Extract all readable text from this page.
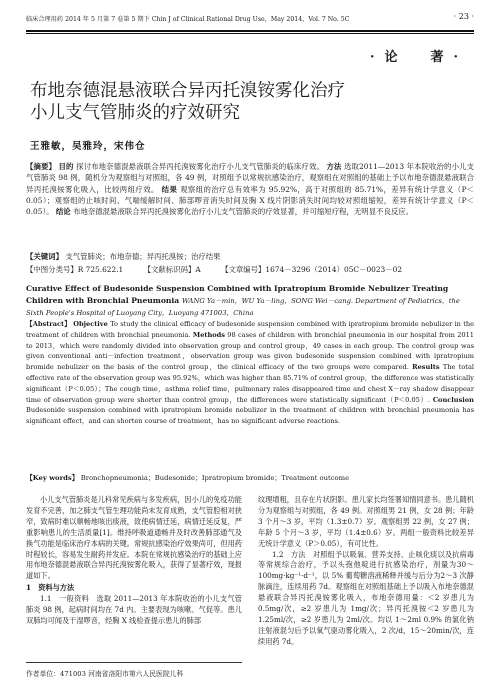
临床合理用药 2014 年 5 月第 7 卷第 5 期下 Chin J of Clinical Rational Drug Use，May 2014，Vol. 7 No. 5C	· 23 ·
·论　著·
布地奈德混悬液联合异丙托溴铵雾化治疗
小儿支气管肺炎的疗效研究
王雅敏，吴雅玲，宋伟仓
【摘要】 目的 探讨布地奈德混悬液联合异丙托溴铵雾化治疗小儿支气管肺炎的临床疗效。 方法 选取2011—2013 年本院收治的小儿支气管肺炎 98 例，随机分为观察组与对照组，各 49 例，对照组予以常规抗感染治疗，观察组在对照组的基础上予以布地奈德混悬液联合异丙托溴铵雾化吸入，比较两组疗效。 结果 观察组的治疗总有效率为 95.92%，高于对照组的 85.71%，差异有统计学意义（P＜0.05）；观察组的止咳时间、气喘缓解时间、肺部啰音消失时间及胸 X 线片阴影消失时间均较对照组缩短，差异有统计学意义（P＜0.05）。 结论 布地奈德混悬液联合异丙托溴铵雾化治疗小儿支气管肺炎的疗效显著，并可缩短疗程，无明显不良反应。
【关键词】 支气管肺炎；布地奈德；异丙托溴铵；治疗结果
【中图分类号】R 725.622.1	【文献标识码】A	【文章编号】1674－3296（2014）05C－0023－02
Curative Effect of Budesonide Suspension Combined with Ipratropium Bromide Nebulizer Treating Children with Bronchial Pneumonia WANG Ya－min，WU Ya－ling，SONG Wei－cang. Department of Pediatrics，the Sixth People's Hospital of Luoyang City，Luoyang 471003，China
【Abstract】 Objective To study the clinical efficacy of budesonide suspension combined with ipratropium bromide nebulizer in the treatment of children with bronchial pneumonia. Methods 98 cases of children with bronchial pneumonia in our hospital from 2011 to 2013，which were randomly divided into observation group and control group，49 cases in each group. The control group was given conventional anti－infection treatment，observation group was given budesonide suspension combined with ipratropium bromide nebulizer on the basis of the control group，the clinical efficacy of the two groups were compared. Results The total effective rate of the observation group was 95.92%，which was higher than 85.71% of control group，the difference was statistically significant（P＜0.05）；The cough time，asthma relief time，pulmonary rales disappeared time and chest X－ray shadow disappear time of observation group were shorter than control group，the differences were statistically significant（P＜0.05）. Conclusion Budesonide suspension combined with ipratropium bromide nebulizer in the treatment of children with bronchial pneumonia has significant effect，and can shorten course of treatment，has no significant adverse reactions.
【Key words】 Bronchopneumonia；Budesonide；Ipratropium bromide；Treatment outcome

小儿支气管肺炎是儿科常见疾病与多发疾病，因小儿的免疫功能发育不完善，加之肺支气管生理功能尚未发育成熟，支气管腔相对狭窄，致病时难以顺畅地咳出痰液，致使病情迁延，病情迁延反复，严重影响患儿的生活质量[1]。维持呼吸道通畅并及时改善肺部通气及换气功能是临床治疗本病的关键。常规抗感染治疗效果尚可，但用药时程较长，容易发生耐药并发症。本院在常规抗感染治疗的基础上应用布地奈德混悬液联合异丙托溴铵雾化吸入，获得了显著疗效，现报道如下。

1　资料与方法

1.1　一般资料　选取 2011—2013 年本院收治的小儿支气管肺炎 98 例，起病时间均在 7d 内。主要表现为咳嗽、气促等。患儿双肺均可闻及干湿啰音，经胸 X 线检查提示患儿的肺部

纹理增粗，且存在片状阴影。患儿家长均签署知情同意书。患儿随机分为观察组与对照组，各 49 例。对照组男 21 例，女 28 例；年龄 3 个月～3 岁，平均（1.3±0.7）岁。观察组男 22 例，女 27 例；年龄 5 个月～3 岁，平均（1.4±0.6）岁。两组一般资料比较差异无统计学意义（P＞0.05），有可比性。

1.2　方法　对照组予以吸氧、营养支持、止咳化痰以及抗病毒等常规综合治疗，予以头孢他啶进行抗感染治疗，剂量为30～100mg·kg⁻¹·d⁻¹，以 5% 葡萄糖溶液稀释并缓与后分为2～3 次静脉滴注，连续用药 7d。观察组在对照组基础上予以吸入布地奈德混悬液联合异丙托溴铵雾化吸入，布地奈德用量：＜2 岁患儿为 0.5mg/次，≥2 岁患儿为 1mg/次；异丙托溴铵＜2 岁患儿为 1.25ml/次，≥2 岁患儿为 2ml/次。均以 1～2ml 0.9% 的氯化钠注射液混匀后予以氧气驱动雾化吸入，2 次/d，15～20min/次，连续用药 7d。

作者单位：471003 河南省洛阳市第六人民医院儿科
